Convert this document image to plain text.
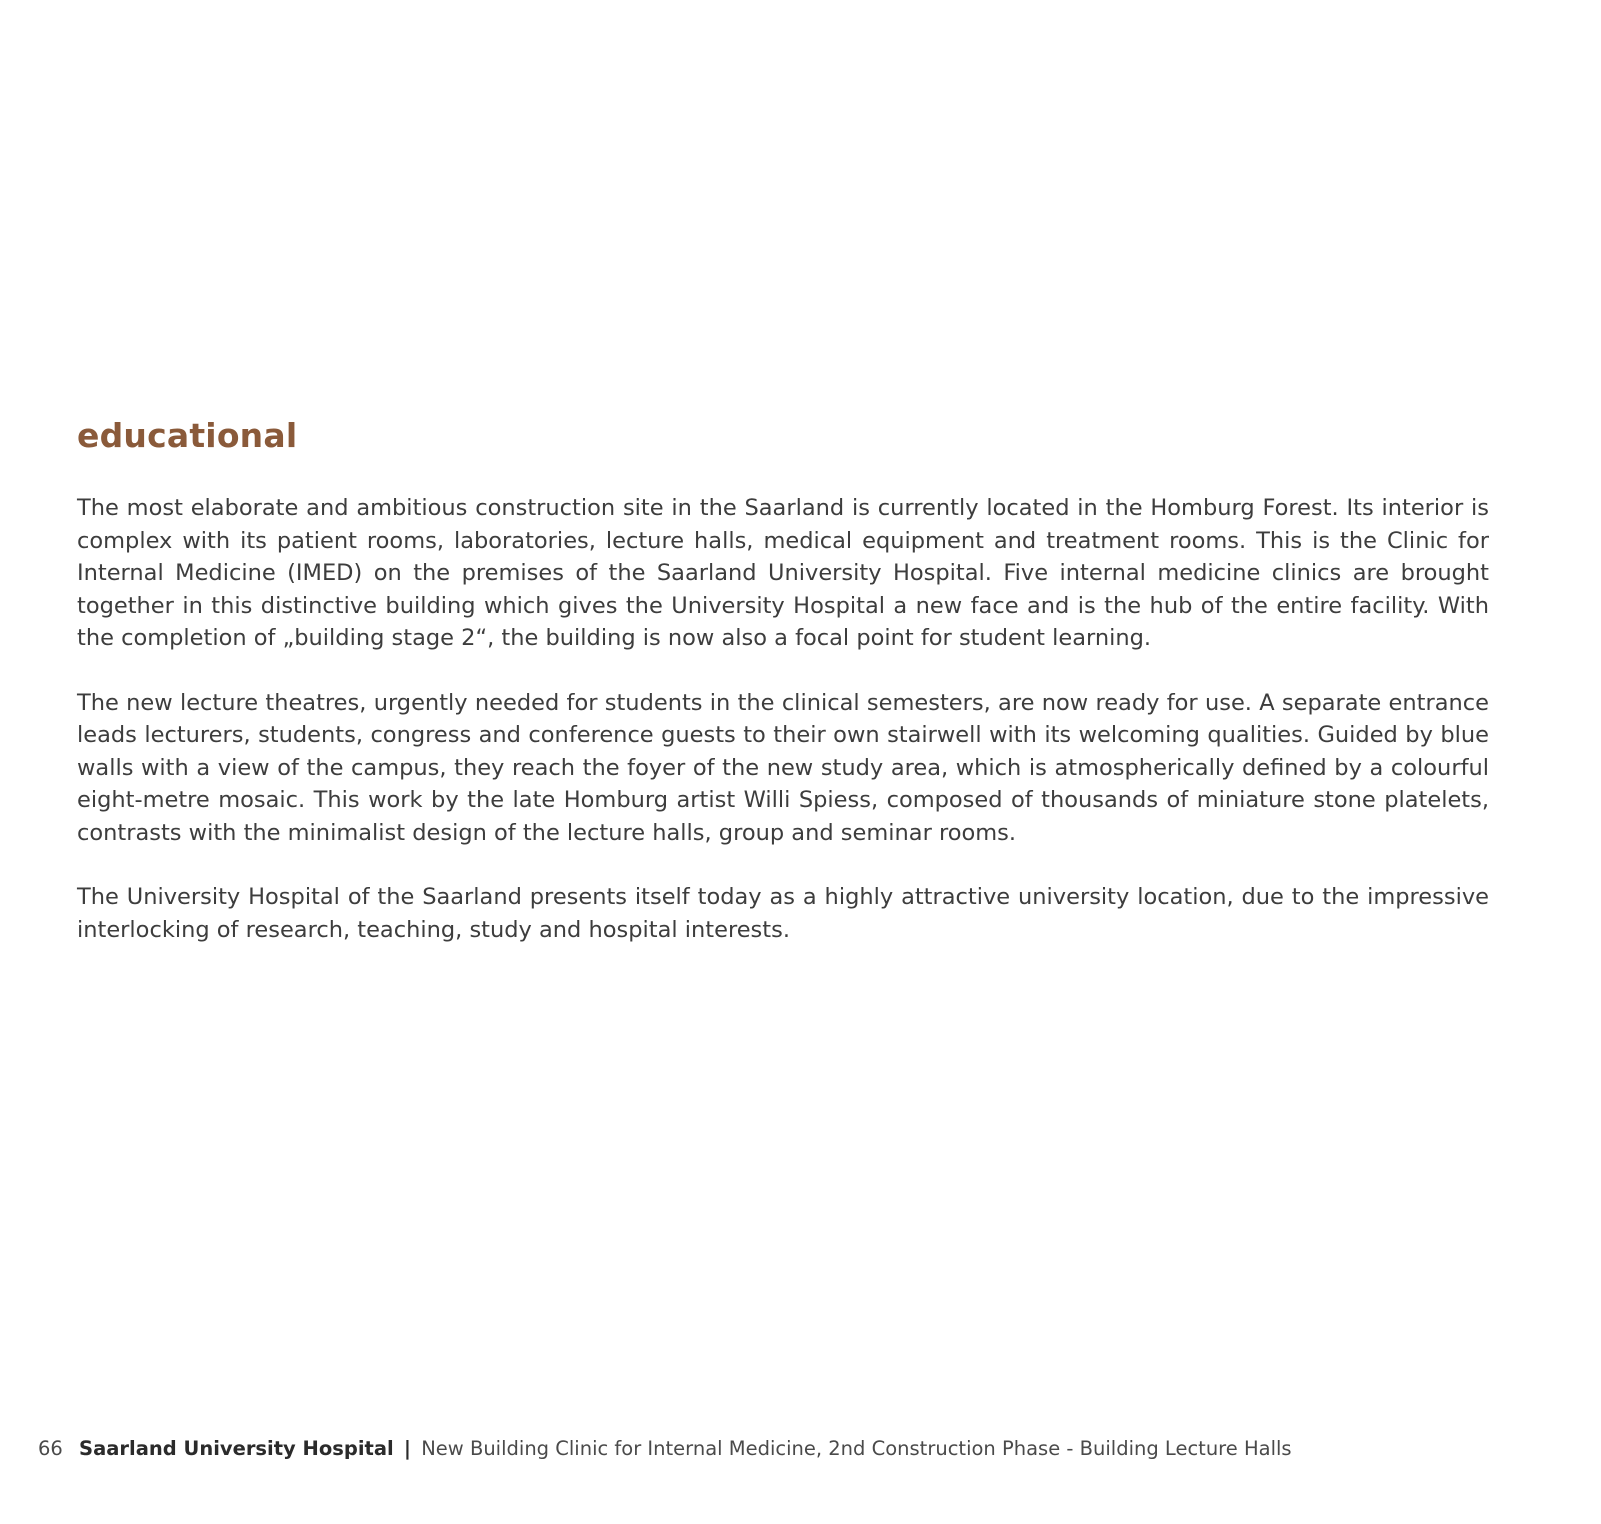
educational

The most elaborate and ambitious construction site in the Saarland is currently located in the Homburg Forest. Its interior is complex with its patient rooms, laboratories, lecture halls, medical equipment and treatment rooms. This is the Clinic for Internal Medicine (IMED) on the premises of the Saarland University Hospital. Five internal medicine clinics are brought together in this distinctive building which gives the University Hospital a new face and is the hub of the entire facility. With the completion of „building stage 2“, the building is now also a focal point for student learning.

The new lecture theatres, urgently needed for students in the clinical semesters, are now ready for use. A separate entrance leads lecturers, students, congress and conference guests to their own stairwell with its welcoming qualities. Guided by blue walls with a view of the campus, they reach the foyer of the new study area, which is atmospherically defined by a colourful eight-metre mosaic. This work by the late Homburg artist Willi Spiess, composed of thousands of miniature stone platelets, contrasts with the minimalist design of the lecture halls, group and seminar rooms.

The University Hospital of the Saarland presents itself today as a highly attractive university location, due to the impressive interlocking of research, teaching, study and hospital interests.

66 Saarland University Hospital | New Building Clinic for Internal Medicine, 2nd Construction Phase - Building Lecture Halls
